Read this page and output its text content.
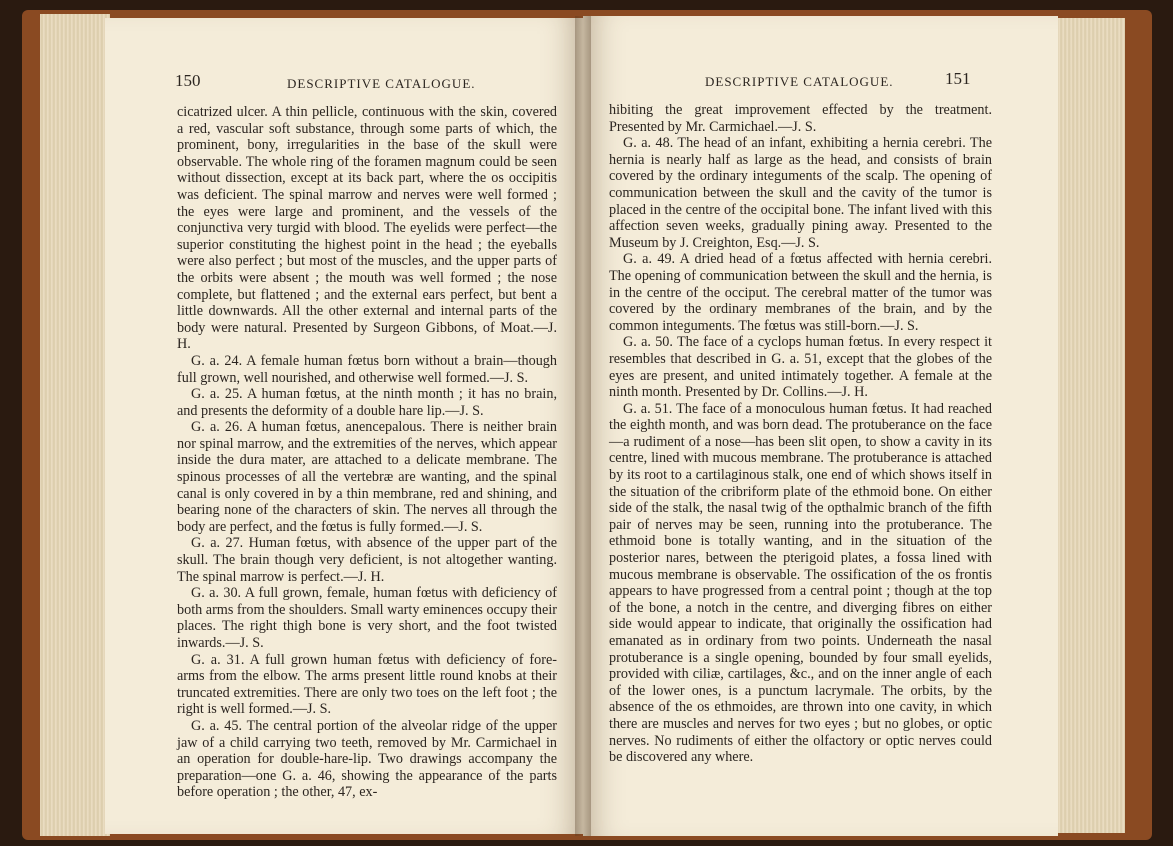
150	DESCRIPTIVE CATALOGUE.

cicatrized ulcer. A thin pellicle, continuous with the skin, covered a red, vascular soft substance, through some parts of which, the prominent, bony, irregularities in the base of the skull were observable. The whole ring of the foramen magnum could be seen without dissection, except at its back part, where the os occipitis was deficient. The spinal marrow and nerves were well formed ; the eyes were large and prominent, and the vessels of the conjunctiva very turgid with blood. The eyelids were perfect—the superior constituting the highest point in the head ; the eyeballs were also perfect ; but most of the muscles, and the upper parts of the orbits were absent ; the mouth was well formed ; the nose complete, but flattened ; and the external ears perfect, but bent a little downwards. All the other external and internal parts of the body were natural. Presented by Surgeon Gibbons, of Moat.—J. H.

G. a. 24. A female human fœtus born without a brain—though full grown, well nourished, and otherwise well formed.—J. S.

G. a. 25. A human fœtus, at the ninth month ; it has no brain, and presents the deformity of a double hare lip.—J. S.

G. a. 26. A human fœtus, anencepalous. There is neither brain nor spinal marrow, and the extremities of the nerves, which appear inside the dura mater, are attached to a delicate membrane. The spinous processes of all the vertebræ are wanting, and the spinal canal is only covered in by a thin membrane, red and shining, and bearing none of the characters of skin. The nerves all through the body are perfect, and the fœtus is fully formed.—J. S.

G. a. 27. Human fœtus, with absence of the upper part of the skull. The brain though very deficient, is not altogether wanting. The spinal marrow is perfect.—J. H.

G. a. 30. A full grown, female, human fœtus with deficiency of both arms from the shoulders. Small warty eminences occupy their places. The right thigh bone is very short, and the foot twisted inwards.—J. S.

G. a. 31. A full grown human fœtus with deficiency of fore-arms from the elbow. The arms present little round knobs at their truncated extremities. There are only two toes on the left foot ; the right is well formed.—J. S.

G. a. 45. The central portion of the alveolar ridge of the upper jaw of a child carrying two teeth, removed by Mr. Carmichael in an operation for double-hare-lip. Two drawings accompany the preparation—one G. a. 46, showing the appearance of the parts before operation ; the other, 47, ex-

DESCRIPTIVE CATALOGUE.	151

hibiting the great improvement effected by the treatment. Presented by Mr. Carmichael.—J. S.

G. a. 48. The head of an infant, exhibiting a hernia cerebri. The hernia is nearly half as large as the head, and consists of brain covered by the ordinary integuments of the scalp. The opening of communication between the skull and the cavity of the tumor is placed in the centre of the occipital bone. The infant lived with this affection seven weeks, gradually pining away. Presented to the Museum by J. Creighton, Esq.—J. S.

G. a. 49. A dried head of a fœtus affected with hernia cerebri. The opening of communication between the skull and the hernia, is in the centre of the occiput. The cerebral matter of the tumor was covered by the ordinary membranes of the brain, and by the common integuments. The fœtus was still-born.—J. S.

G. a. 50. The face of a cyclops human fœtus. In every respect it resembles that described in G. a. 51, except that the globes of the eyes are present, and united intimately together. A female at the ninth month. Presented by Dr. Collins.—J. H.

G. a. 51. The face of a monoculous human fœtus. It had reached the eighth month, and was born dead. The protuberance on the face—a rudiment of a nose—has been slit open, to show a cavity in its centre, lined with mucous membrane. The protuberance is attached by its root to a cartilaginous stalk, one end of which shows itself in the situation of the cribriform plate of the ethmoid bone. On either side of the stalk, the nasal twig of the opthalmic branch of the fifth pair of nerves may be seen, running into the protuberance. The ethmoid bone is totally wanting, and in the situation of the posterior nares, between the pterigoid plates, a fossa lined with mucous membrane is observable. The ossification of the os frontis appears to have progressed from a central point ; though at the top of the bone, a notch in the centre, and diverging fibres on either side would appear to indicate, that originally the ossification had emanated as in ordinary from two points. Underneath the nasal protuberance is a single opening, bounded by four small eyelids, provided with ciliæ, cartilages, &c., and on the inner angle of each of the lower ones, is a punctum lacrymale. The orbits, by the absence of the os ethmoides, are thrown into one cavity, in which there are muscles and nerves for two eyes ; but no globes, or optic nerves. No rudiments of either the olfactory or optic nerves could be discovered any where.
